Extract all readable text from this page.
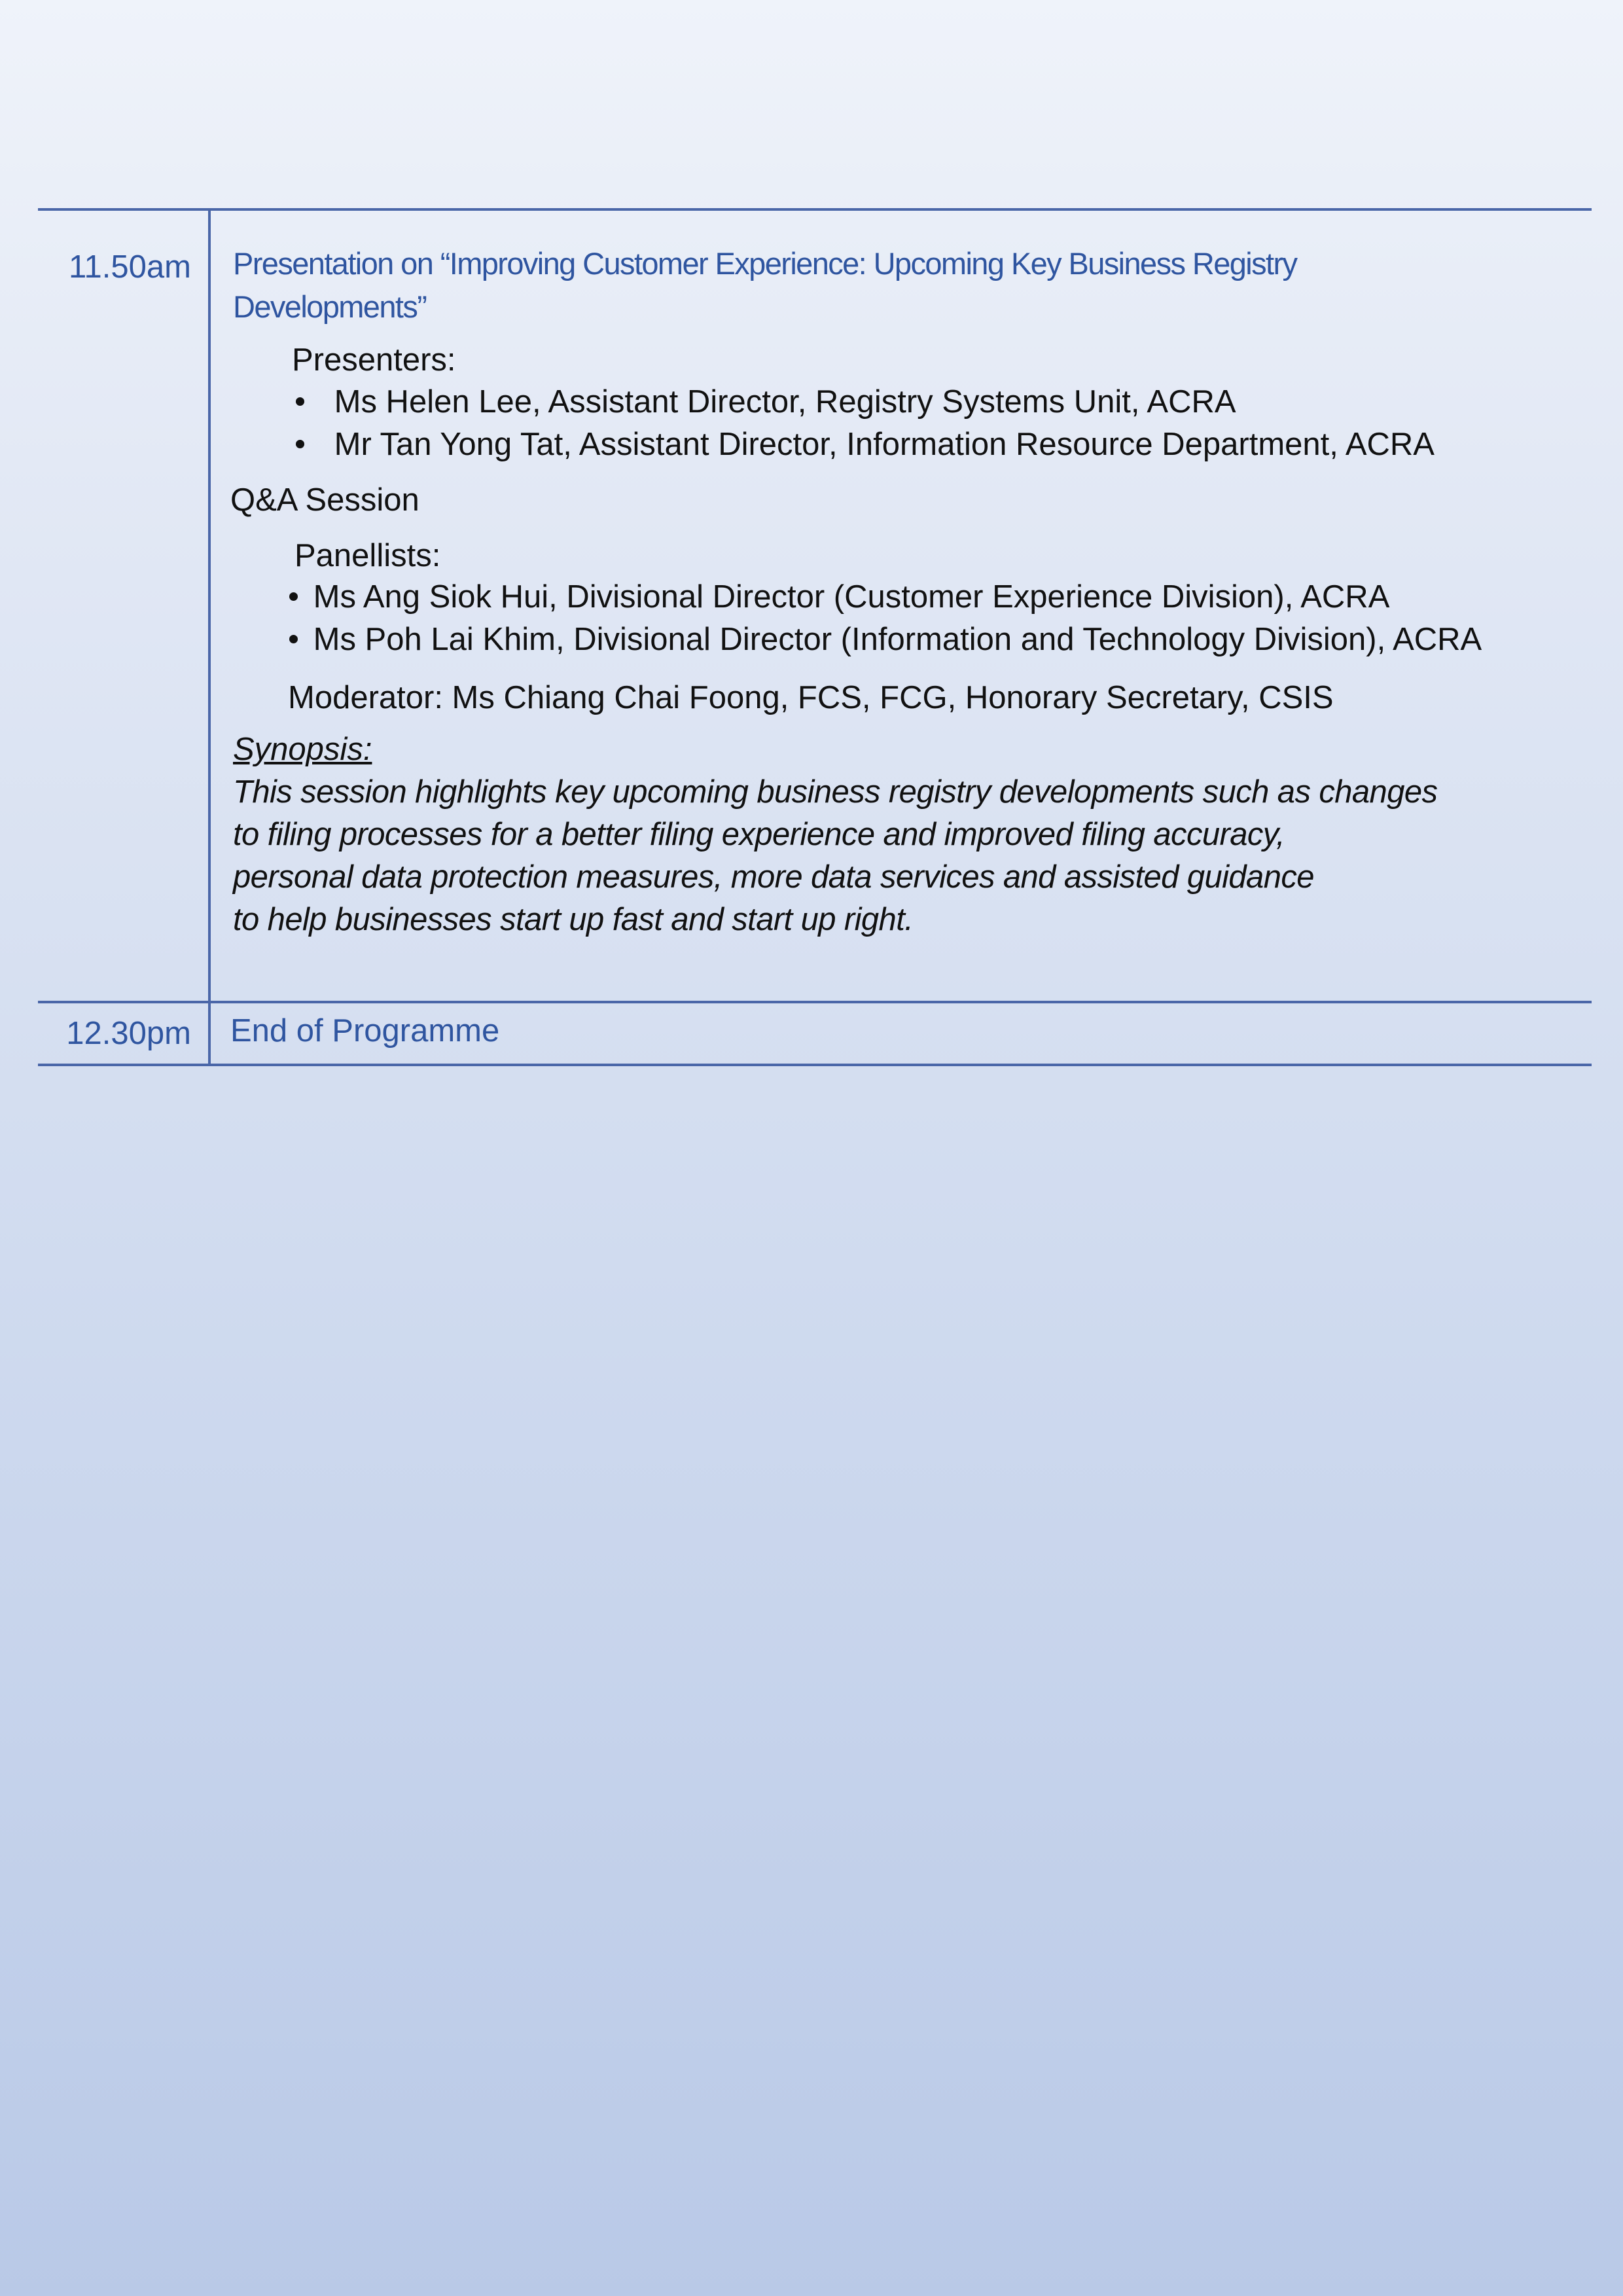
11.50am Presentation on “Improving Customer Experience: Upcoming Key Business Registry
Developments”
Presenters:
Ms Helen Lee, Assistant Director, Registry Systems Unit, ACRA
Mr Tan Yong Tat, Assistant Director, Information Resource Department, ACRA
Q&A Session
Panellists:
Ms Ang Siok Hui, Divisional Director (Customer Experience Division), ACRA
Ms Poh Lai Khim, Divisional Director (Information and Technology Division), ACRA
Moderator: Ms Chiang Chai Foong, FCS, FCG, Honorary Secretary, CSIS
Synopsis:
This session highlights key upcoming business registry developments such as changes
to filing processes for a better filing experience and improved filing accuracy,
personal data protection measures, more data services and assisted guidance
to help businesses start up fast and start up right.
12.30pm End of Programme
